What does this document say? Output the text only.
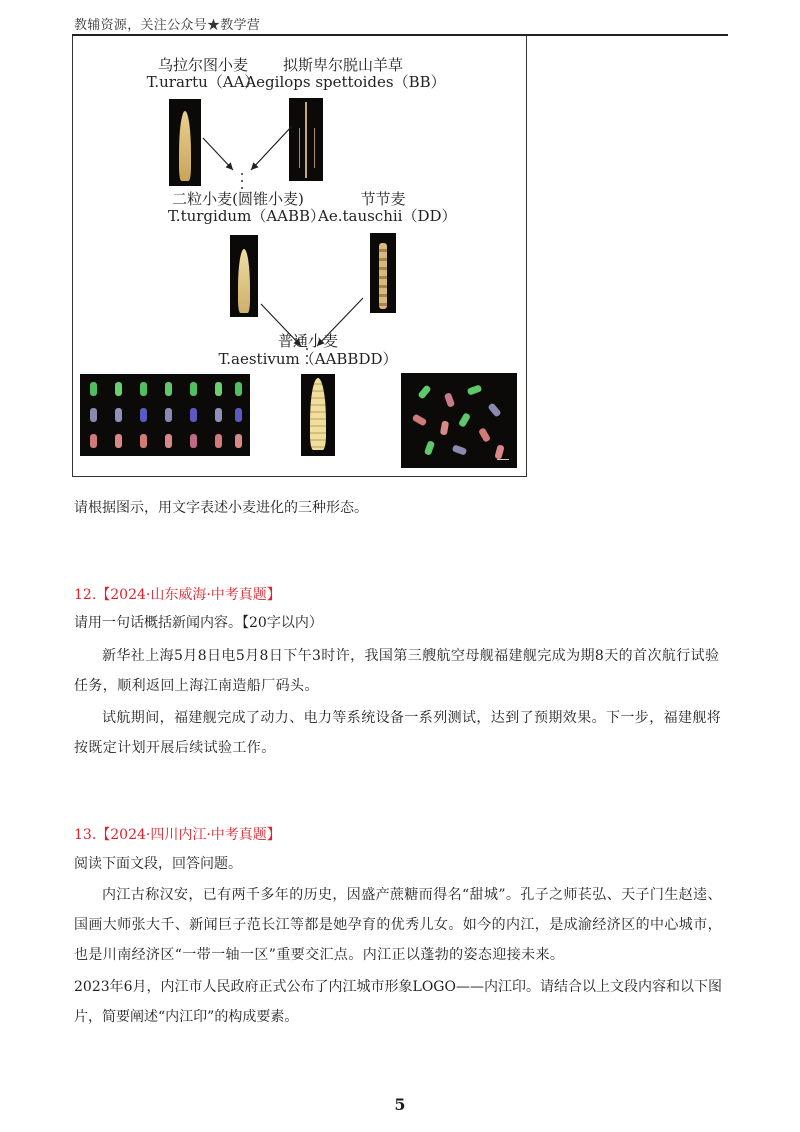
教辅资源，关注公众号★教学营
乌拉尔图小麦
T.urartu（AA）
拟斯卑尔脱山羊草
Aegilops spettoides（BB）
二粒小麦(圆锥小麦)
T.turgidum（AABB）
节节麦
Ae.tauschii（DD）
普通小麦
T.aestivum（AABBDD）
请根据图示，用文字表述小麦进化的三种形态。
12.【2024·山东威海·中考真题】
请用一句话概括新闻内容。【20字以内）
新华社上海5月8日电5月8日下午3时许，我国第三艘航空母舰福建舰完成为期8天的首次航行试验任务，顺利返回上海江南造船厂码头。
试航期间，福建舰完成了动力、电力等系统设备一系列测试，达到了预期效果。下一步，福建舰将按既定计划开展后续试验工作。
13.【2024·四川内江·中考真题】
阅读下面文段，回答问题。
内江古称汉安，已有两千多年的历史，因盛产蔗糖而得名“甜城”。孔子之师苌弘、天子门生赵逵、国画大师张大千、新闻巨子范长江等都是她孕育的优秀儿女。如今的内江，是成渝经济区的中心城市，也是川南经济区“一带一轴一区”重要交汇点。内江正以蓬勃的姿态迎接未来。
2023年6月，内江市人民政府正式公布了内江城市形象LOGO——内江印。请结合以上文段内容和以下图片，简要阐述“内江印”的构成要素。
5
